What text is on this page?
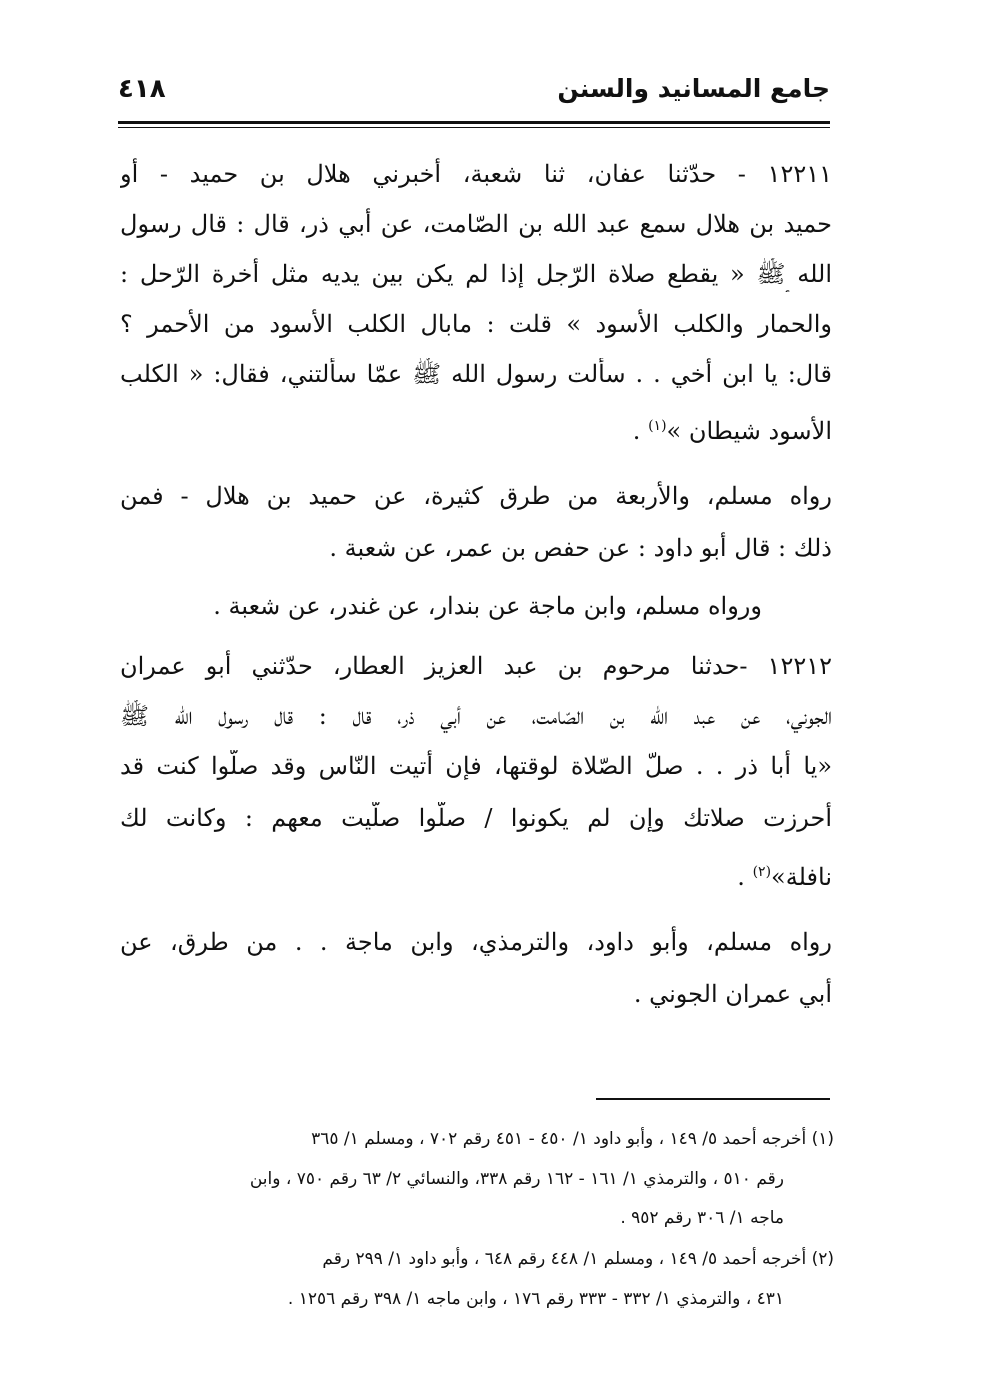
جامع المسانيد والسنن
٤١٨
١٢٢١١ - حدّثنا عفان، ثنا شعبة، أخبرني هلال بن حميد - أو
حميد بن هلال سمع عبد الله بن الصّامت، عن أبي ذر، قال : قال رسول
الله ﷺ « يقطع صلاة الرّجل إذا لم يكن بين يديه مثل أخرة الرّحل :
والحمار والكلب الأسود » قلت : مابال الكلب الأسود من الأحمر ؟
قال: يا ابن أخي . . سألت رسول الله ﷺ عمّا سألتني، فقال: « الكلب
الأسود شيطان »$^{(١)}$ .
رواه مسلم، والأربعة من طرق كثيرة، عن حميد بن هلال - فمن
ذلك : قال أبو داود : عن حفص بن عمر، عن شعبة .
ورواه مسلم، وابن ماجة عن بندار، عن غندر، عن شعبة .
١٢٢١٢ -حدثنا مرحوم بن عبد العزيز العطار، حدّثني أبو عمران
الجوني، عن عبد الله بن الصّامت، عن أبي ذر، قال : قال رسول الله ﷺ
«يا أبا ذر . . صلّ الصّلاة لوقتها، فإن أتيت النّاس وقد صلّوا كنت قد
أحرزت صلاتك وإن لم يكونوا / صلّوا صلّيت معهم : وكانت لك
نافلة»$^{(٢)}$ .
رواه مسلم، وأبو داود، والترمذي، وابن ماجة . . من طرق، عن
أبي عمران الجوني .
(١) أخرجه أحمد ٥/ ١٤٩ ، وأبو داود ١/ ٤٥٠ - ٤٥١ رقم ٧٠٢ ، ومسلم ١/ ٣٦٥
رقم ٥١٠ ، والترمذي ١/ ١٦١ - ١٦٢ رقم ٣٣٨، والنسائي ٢/ ٦٣ رقم ٧٥٠ ، وابن
ماجه ١/ ٣٠٦ رقم ٩٥٢ .
(٢) أخرجه أحمد ٥/ ١٤٩ ، ومسلم ١/ ٤٤٨ رقم ٦٤٨ ، وأبو داود ١/ ٢٩٩ رقم
٤٣١ ، والترمذي ١/ ٣٣٢ - ٣٣٣ رقم ١٧٦ ، وابن ماجه ١/ ٣٩٨ رقم ١٢٥٦ .
